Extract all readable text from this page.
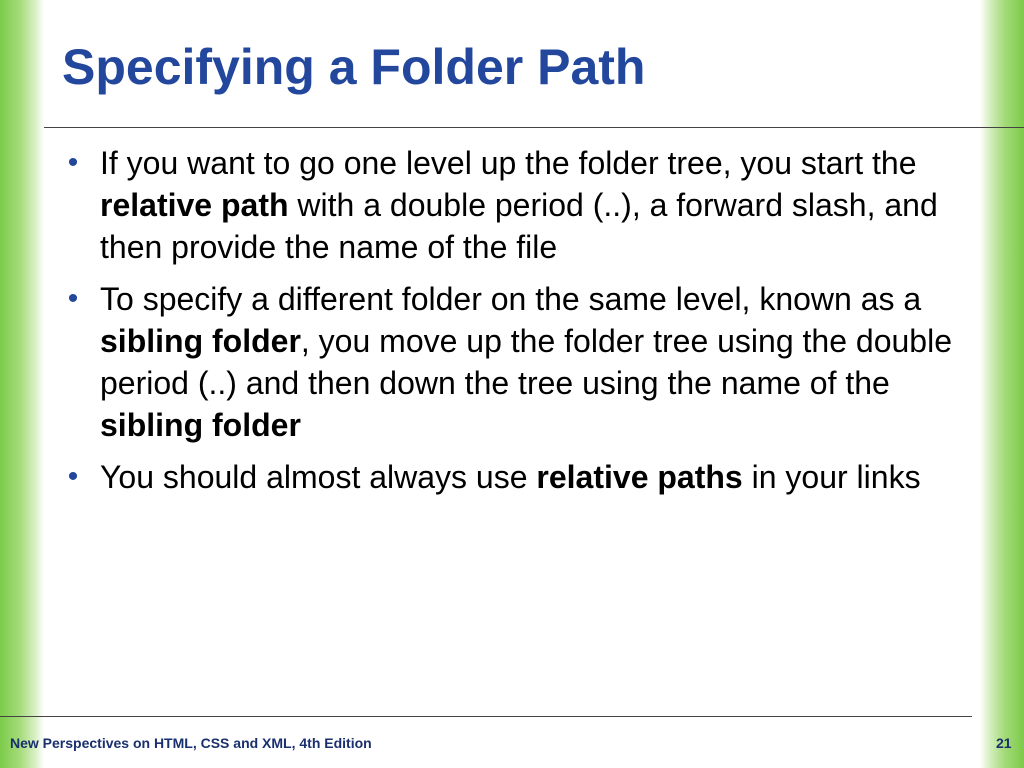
Specifying a Folder Path
• If you want to go one level up the folder tree, you start the relative path with a double period (..), a forward slash, and then provide the name of the file
• To specify a different folder on the same level, known as a sibling folder, you move up the folder tree using the double period (..) and then down the tree using the name of the sibling folder
• You should almost always use relative paths in your links
New Perspectives on HTML, CSS and XML, 4th Edition	21
